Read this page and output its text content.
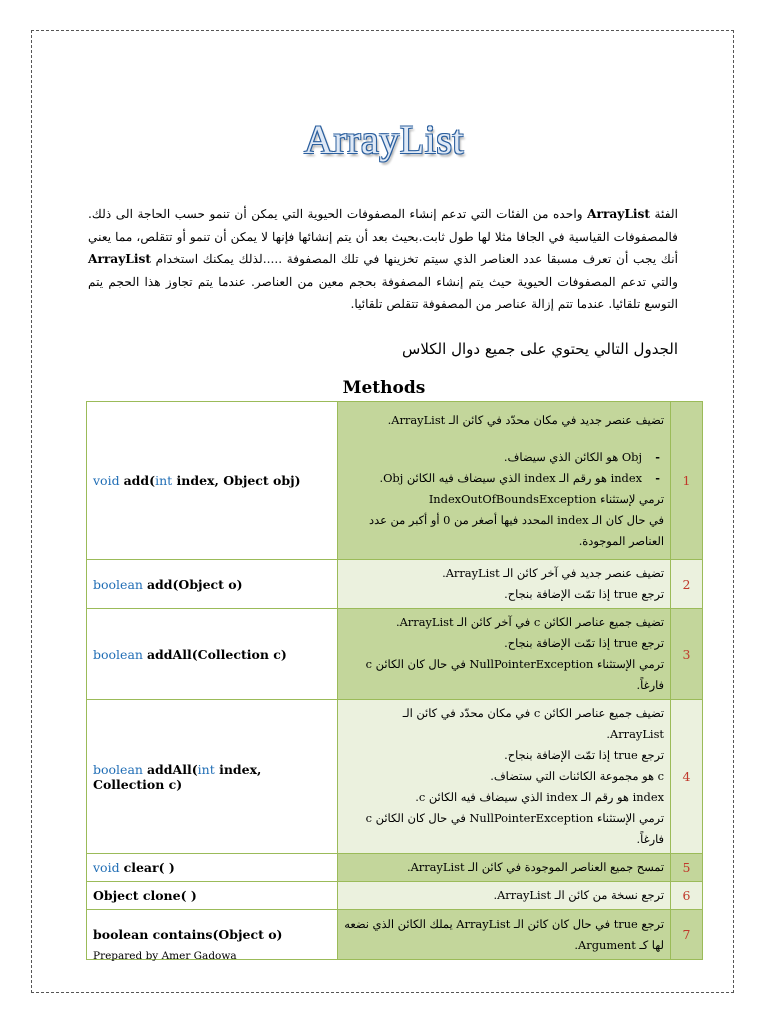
ArrayList
الفئة ArrayList واحده من الفئات التي تدعم إنشاء المصفوفات الحيوية التي يمكن أن تنمو حسب الحاجة الى ذلك. فالمصفوفات القياسية في الجافا مثلا لها طول ثابت.بحيث بعد أن يتم إنشائها فإنها لا يمكن أن تنمو أو تتقلص، مما يعني أنك يجب أن تعرف مسبقا عدد العناصر الذي سيتم تخزينها في تلك المصفوفة .....لذلك يمكنك استخدام ArrayList والتي تدعم المصفوفات الحيوية حيث يتم إنشاء المصفوفة بحجم معين من العناصر. عندما يتم تجاوز هذا الحجم يتم التوسع تلقائيا. عندما تتم إزالة عناصر من المصفوفة تتقلص تلقائيا.
الجدول التالي يحتوي على جميع دوال الكلاس
Methods
void add(int index, Object obj)	تضيف عنصر جديد في مكان محدّد في كائن الـ ArrayList.
- Obj هو الكائن الذي سيضاف.
- index هو رقم الـ index الذي سيضاف فيه الكائن Obj.
ترمي لإستثناء IndexOutOfBoundsException
في حال كان الـ index المحدد فيها أصغر من 0 أو أكبر من عدد العناصر الموجودة.	1
boolean add(Object o)	تضيف عنصر جديد في آخر كائن الـ ArrayList.
ترجع true إذا تمّت الإضافة بنجاح.	2
boolean addAll(Collection c)	تضيف جميع عناصر الكائن c في آخر كائن الـ ArrayList.
ترجع true إذا تمّت الإضافة بنجاح.
ترمي الإستثناء NullPointerException في حال كان الكائن c فارغاً.	3
boolean addAll(int index, Collection c)	تضيف جميع عناصر الكائن c في مكان محدّد في كائن الـ ArrayList.
ترجع true إذا تمّت الإضافة بنجاح.
c هو مجموعة الكائنات التي ستضاف.
index هو رقم الـ index الذي سيضاف فيه الكائن c.
ترمي الإستثناء NullPointerException في حال كان الكائن c فارغاً.	4
void clear( )	تمسح جميع العناصر الموجودة في كائن الـ ArrayList.	5
Object clone( )	ترجع نسخة من كائن الـ ArrayList.	6
boolean contains(Object o)	ترجع true في حال كان كائن الـ ArrayList يملك الكائن الذي نضعه لها كـ Argument.	7
Prepared by Amer Gadowa
